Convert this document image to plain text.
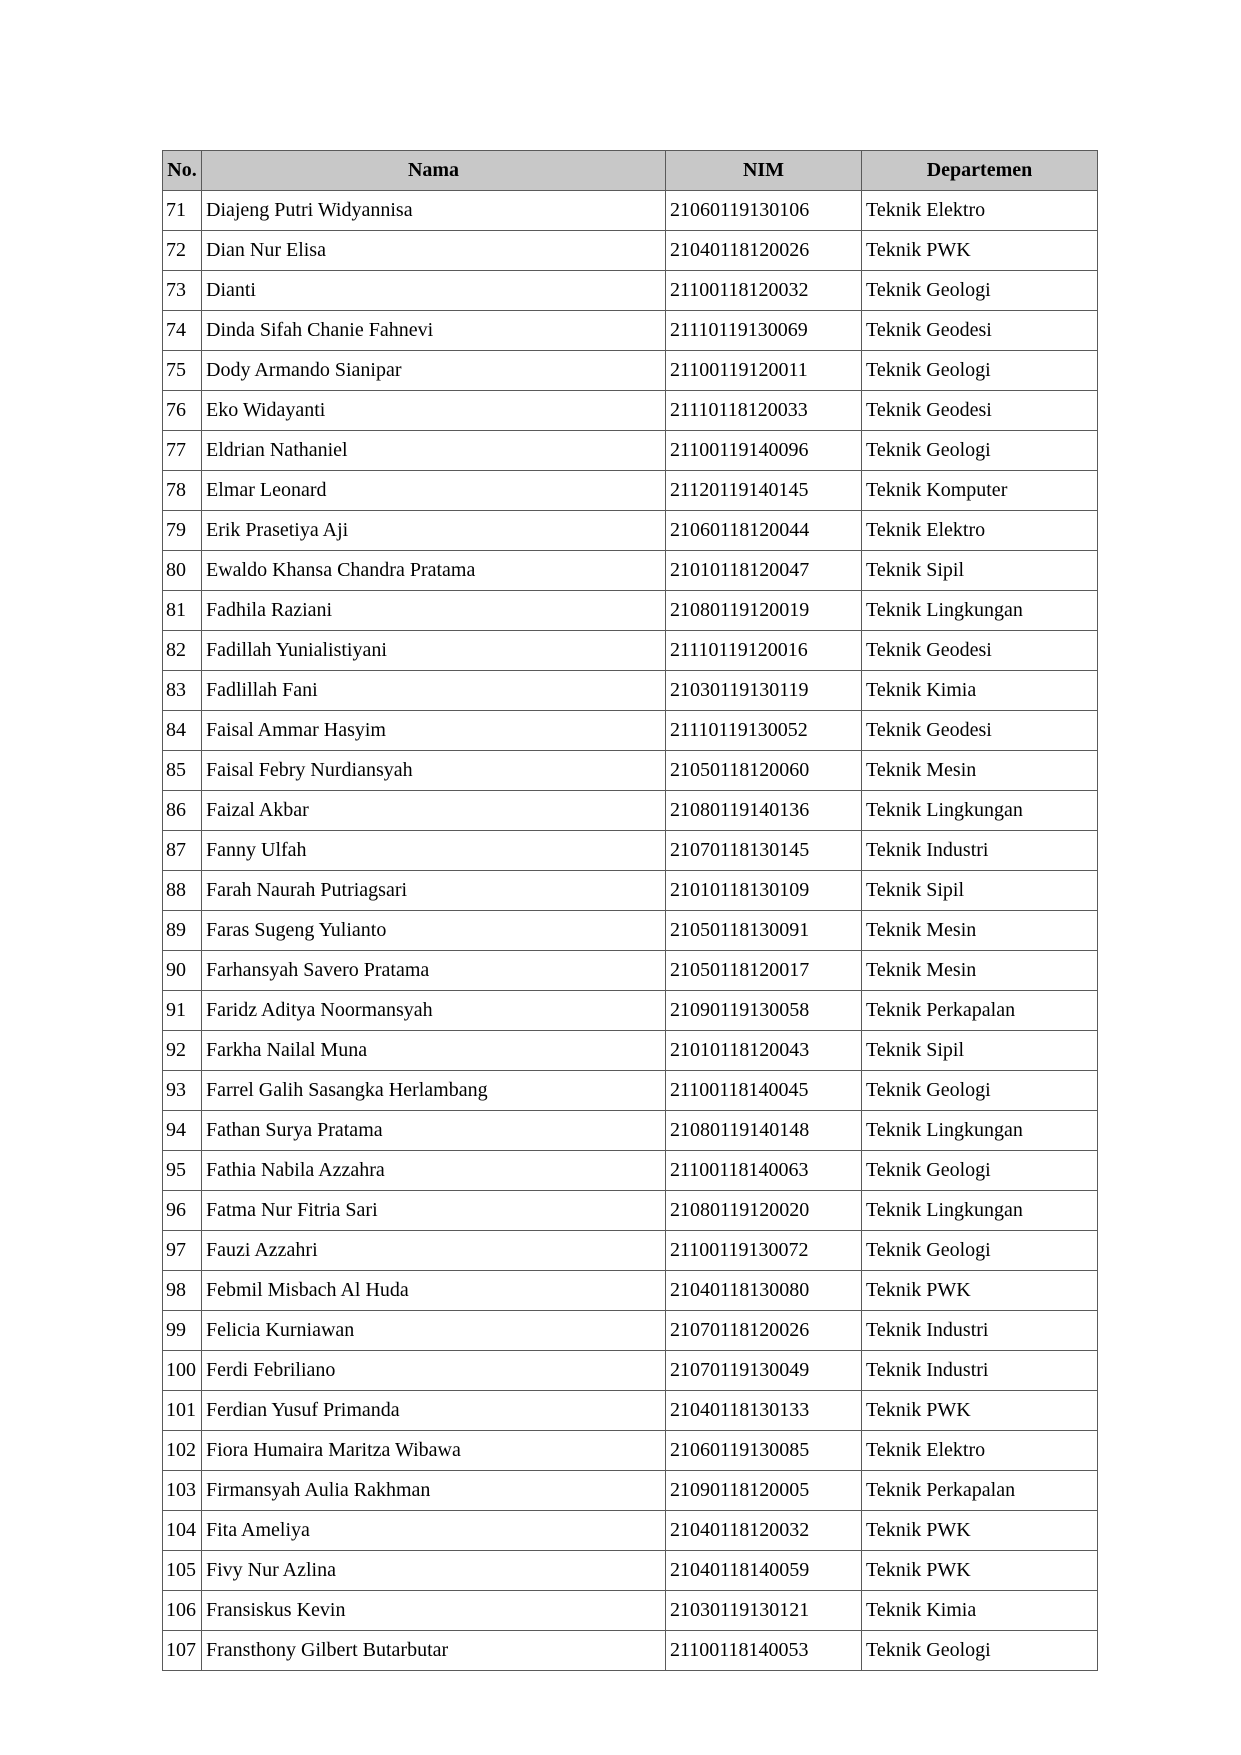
No.	Nama	NIM	Departemen
71	Diajeng Putri Widyannisa	21060119130106	Teknik Elektro
72	Dian Nur Elisa	21040118120026	Teknik PWK
73	Dianti	21100118120032	Teknik Geologi
74	Dinda Sifah Chanie Fahnevi	21110119130069	Teknik Geodesi
75	Dody Armando Sianipar	21100119120011	Teknik Geologi
76	Eko Widayanti	21110118120033	Teknik Geodesi
77	Eldrian Nathaniel	21100119140096	Teknik Geologi
78	Elmar Leonard	21120119140145	Teknik Komputer
79	Erik Prasetiya Aji	21060118120044	Teknik Elektro
80	Ewaldo Khansa Chandra Pratama	21010118120047	Teknik Sipil
81	Fadhila Raziani	21080119120019	Teknik Lingkungan
82	Fadillah Yunialistiyani	21110119120016	Teknik Geodesi
83	Fadlillah Fani	21030119130119	Teknik Kimia
84	Faisal Ammar Hasyim	21110119130052	Teknik Geodesi
85	Faisal Febry Nurdiansyah	21050118120060	Teknik Mesin
86	Faizal Akbar	21080119140136	Teknik Lingkungan
87	Fanny Ulfah	21070118130145	Teknik Industri
88	Farah Naurah Putriagsari	21010118130109	Teknik Sipil
89	Faras Sugeng Yulianto	21050118130091	Teknik Mesin
90	Farhansyah Savero Pratama	21050118120017	Teknik Mesin
91	Faridz Aditya Noormansyah	21090119130058	Teknik Perkapalan
92	Farkha Nailal Muna	21010118120043	Teknik Sipil
93	Farrel Galih Sasangka Herlambang	21100118140045	Teknik Geologi
94	Fathan Surya Pratama	21080119140148	Teknik Lingkungan
95	Fathia Nabila Azzahra	21100118140063	Teknik Geologi
96	Fatma Nur Fitria Sari	21080119120020	Teknik Lingkungan
97	Fauzi Azzahri	21100119130072	Teknik Geologi
98	Febmil Misbach Al Huda	21040118130080	Teknik PWK
99	Felicia Kurniawan	21070118120026	Teknik Industri
100	Ferdi Febriliano	21070119130049	Teknik Industri
101	Ferdian Yusuf Primanda	21040118130133	Teknik PWK
102	Fiora Humaira Maritza Wibawa	21060119130085	Teknik Elektro
103	Firmansyah Aulia Rakhman	21090118120005	Teknik Perkapalan
104	Fita Ameliya	21040118120032	Teknik PWK
105	Fivy Nur Azlina	21040118140059	Teknik PWK
106	Fransiskus Kevin	21030119130121	Teknik Kimia
107	Fransthony Gilbert Butarbutar	21100118140053	Teknik Geologi
